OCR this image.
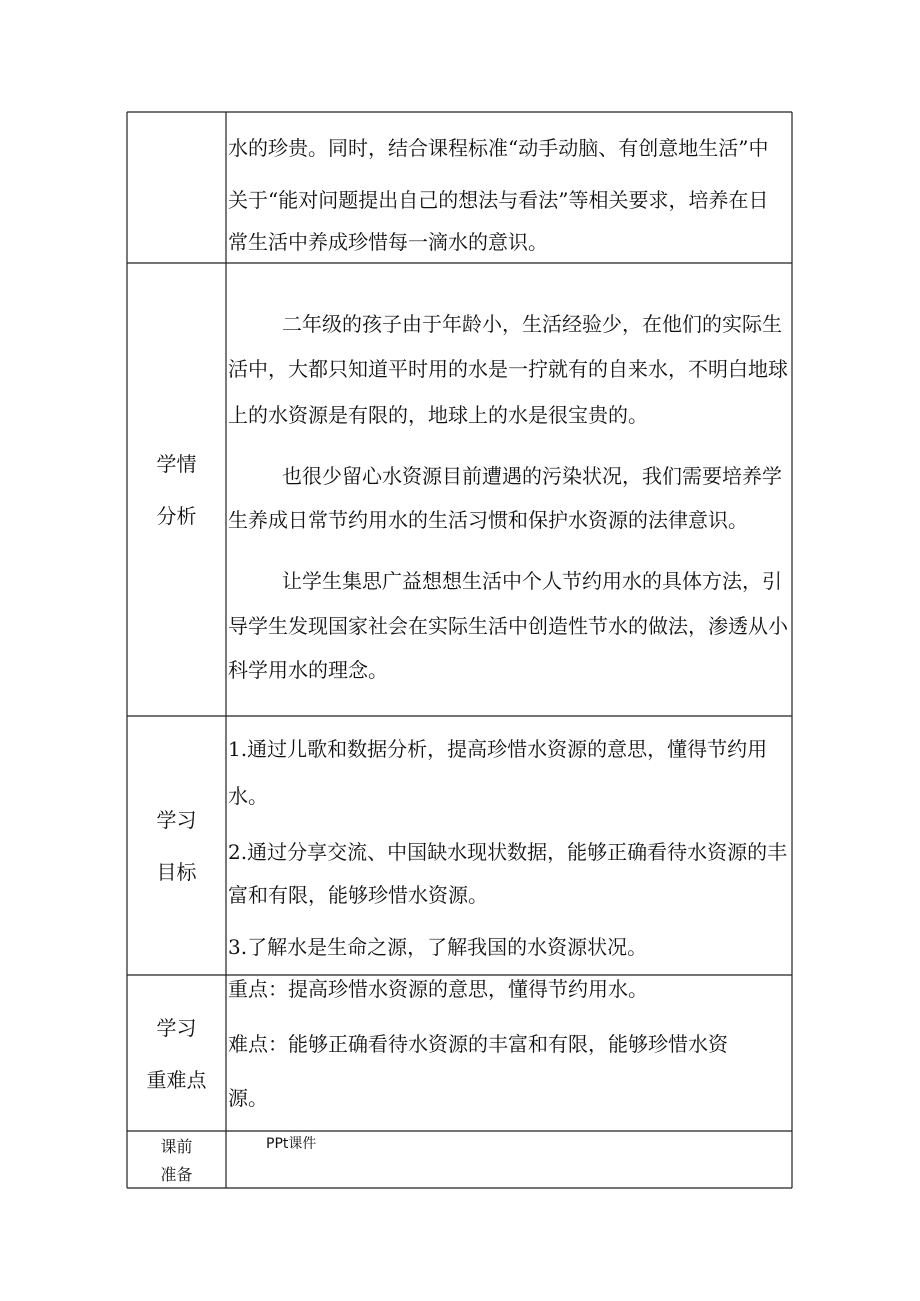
水的珍贵。同时，结合课程标准“动手动脑、有创意地生活”中

关于“能对问题提出自己的想法与看法”等相关要求，培养在日

常生活中养成珍惜每一滴水的意识。

学情
分析

二年级的孩子由于年龄小，生活经验少，在他们的实际生

活中，大都只知道平时用的水是一拧就有的自来水，不明白地球

上的水资源是有限的，地球上的水是很宝贵的。

也很少留心水资源目前遭遇的污染状况，我们需要培养学

生养成日常节约用水的生活习惯和保护水资源的法律意识。

让学生集思广益想想生活中个人节约用水的具体方法，引

导学生发现国家社会在实际生活中创造性节水的做法，渗透从小

科学用水的理念。

学习
目标

1.通过儿歌和数据分析，提高珍惜水资源的意思，懂得节约用

水。

2.通过分享交流、中国缺水现状数据，能够正确看待水资源的丰

富和有限，能够珍惜水资源。

3.了解水是生命之源，了解我国的水资源状况。

学习
重难点

重点：提高珍惜水资源的意思，懂得节约用水。

难点：能够正确看待水资源的丰富和有限，能够珍惜水资

源。

课前
准备
PPt课件
